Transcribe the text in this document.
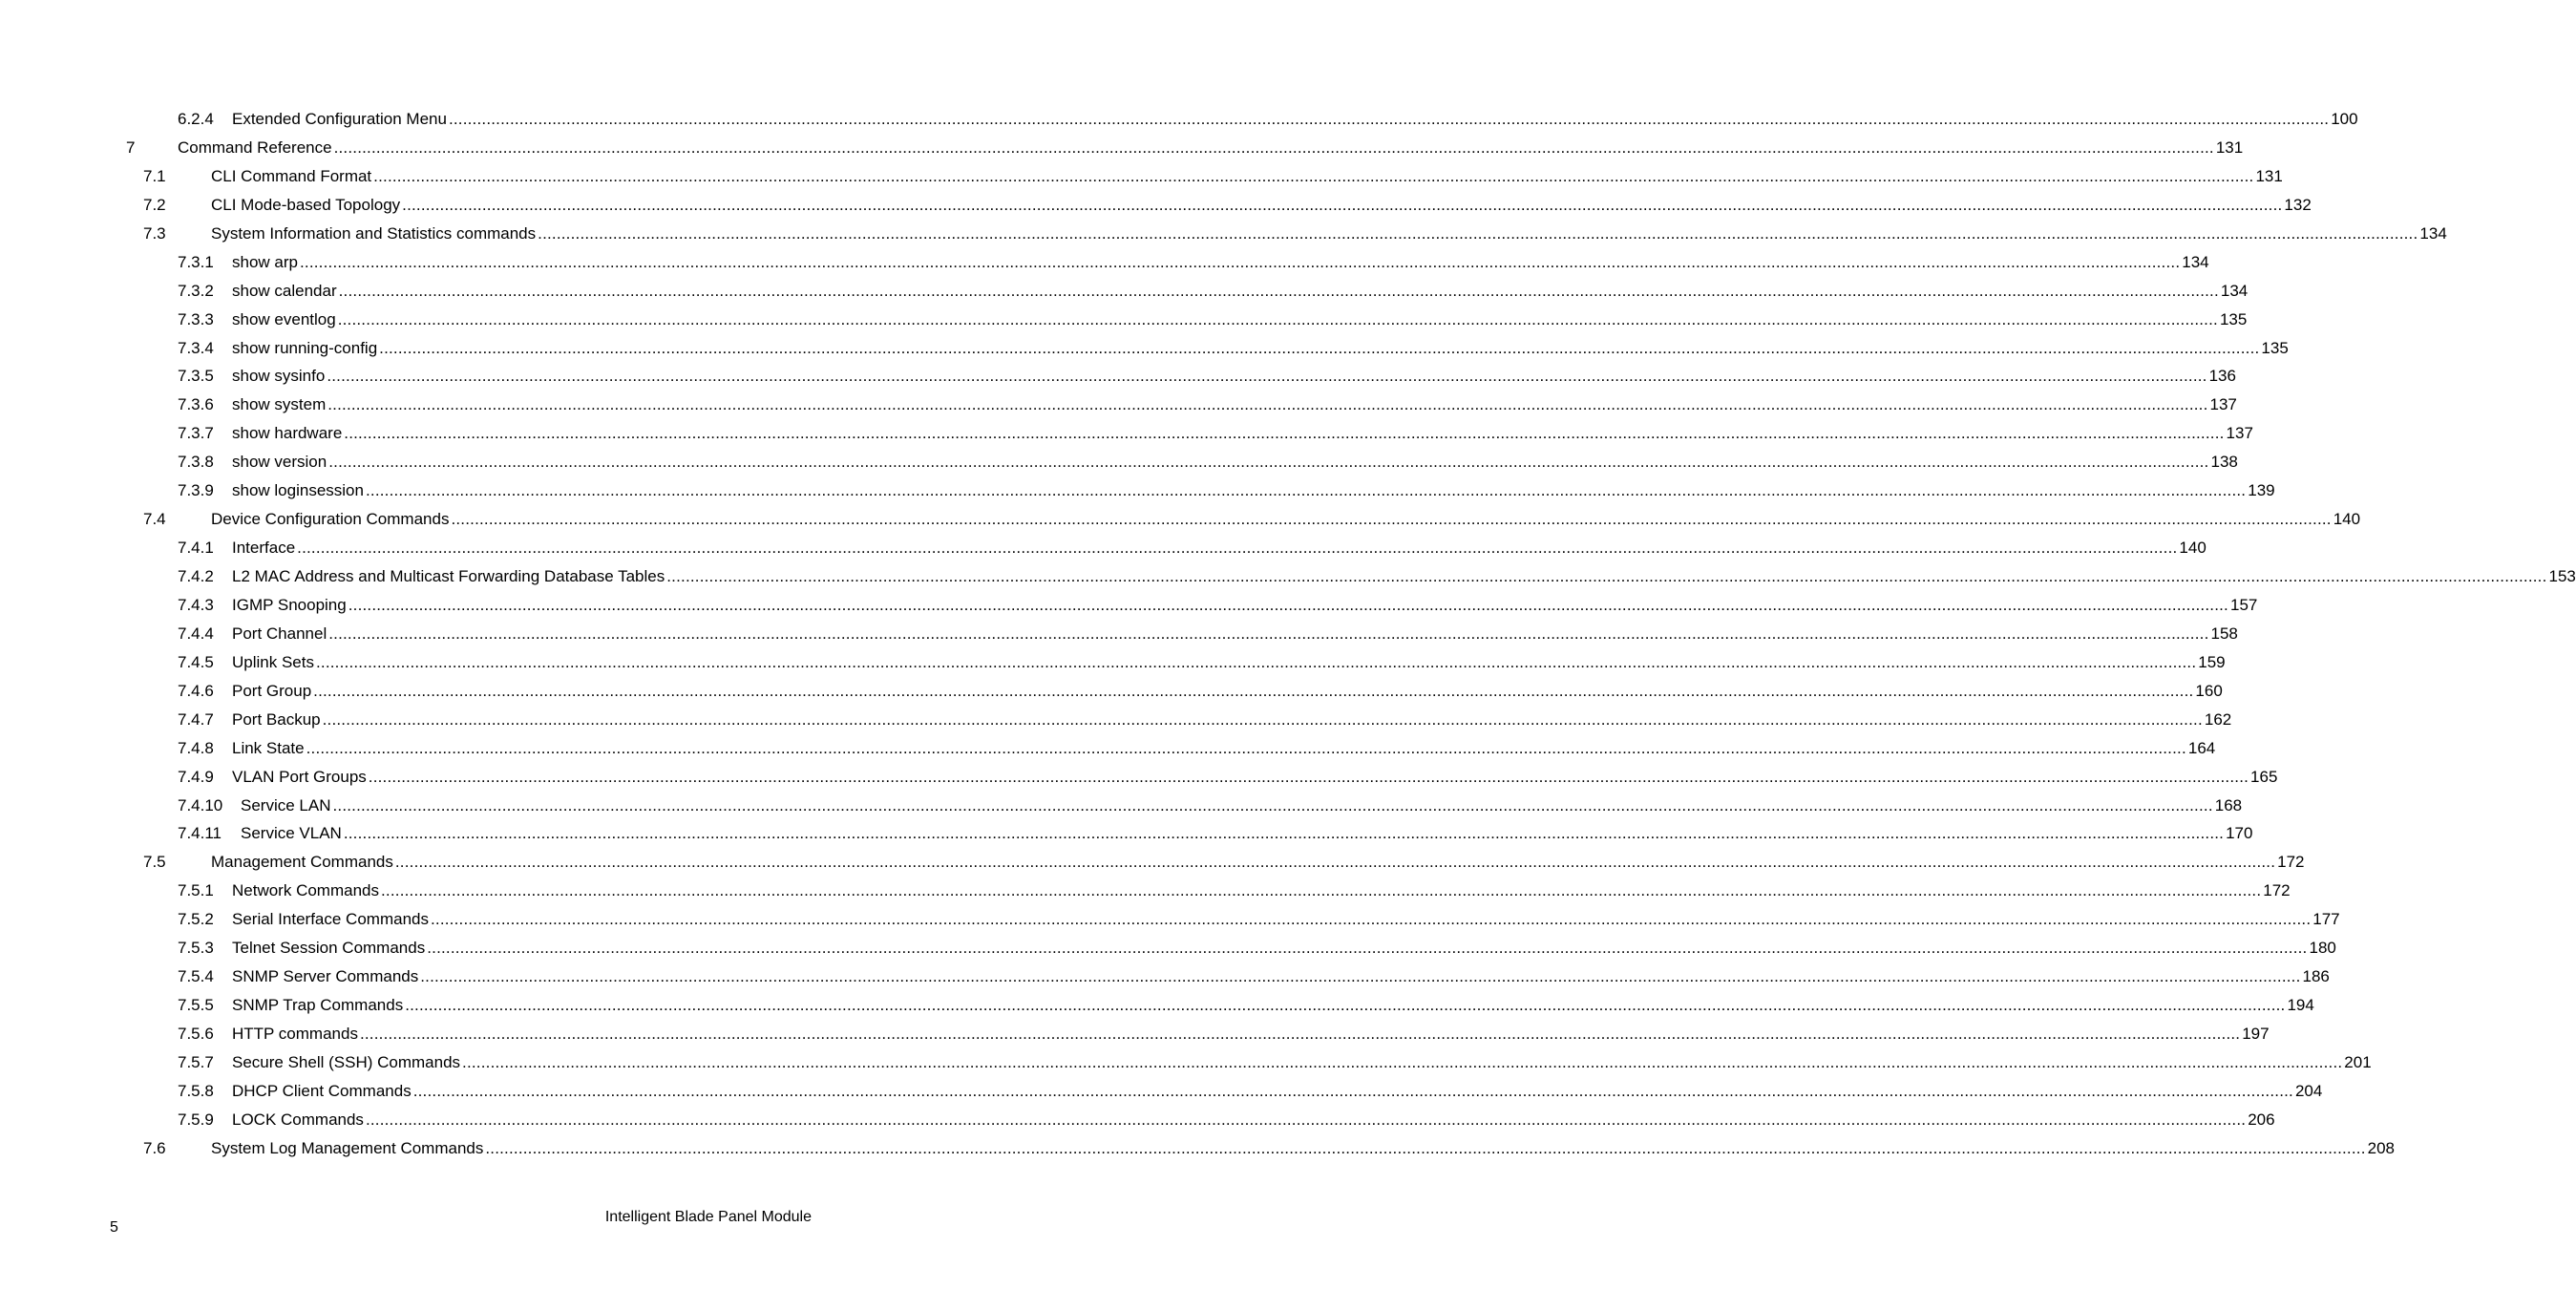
6.2.4 Extended Configuration Menu ................................................................................................................................................................................................................................................................................................................................................................................................................ 100
7	Command Reference ................................................................................................................................................................................................................................................................................................................................................................................................................ 131
7.1	CLI Command Format ................................................................................................................................................................................................................................................................................................................................................................................................................ 131
7.2	CLI Mode-based Topology ................................................................................................................................................................................................................................................................................................................................................................................................................ 132
7.3	System Information and Statistics commands ................................................................................................................................................................................................................................................................................................................................................................................................................ 134
7.3.1 show arp ................................................................................................................................................................................................................................................................................................................................................................................................................ 134
7.3.2 show calendar ................................................................................................................................................................................................................................................................................................................................................................................................................ 134
7.3.3 show eventlog ................................................................................................................................................................................................................................................................................................................................................................................................................ 135
7.3.4 show running-config ................................................................................................................................................................................................................................................................................................................................................................................................................ 135
7.3.5 show sysinfo ................................................................................................................................................................................................................................................................................................................................................................................................................ 136
7.3.6 show system ................................................................................................................................................................................................................................................................................................................................................................................................................ 137
7.3.7 show hardware ................................................................................................................................................................................................................................................................................................................................................................................................................ 137
7.3.8 show version ................................................................................................................................................................................................................................................................................................................................................................................................................ 138
7.3.9 show loginsession ................................................................................................................................................................................................................................................................................................................................................................................................................ 139
7.4	Device Configuration Commands ................................................................................................................................................................................................................................................................................................................................................................................................................ 140
7.4.1 Interface ................................................................................................................................................................................................................................................................................................................................................................................................................ 140
7.4.2 L2 MAC Address and Multicast Forwarding Database Tables ................................................................................................................................................................................................................................................................................................................................................................................................................ 153
7.4.3 IGMP Snooping ................................................................................................................................................................................................................................................................................................................................................................................................................ 157
7.4.4 Port Channel ................................................................................................................................................................................................................................................................................................................................................................................................................ 158
7.4.5 Uplink Sets ................................................................................................................................................................................................................................................................................................................................................................................................................ 159
7.4.6 Port Group ................................................................................................................................................................................................................................................................................................................................................................................................................ 160
7.4.7 Port Backup ................................................................................................................................................................................................................................................................................................................................................................................................................ 162
7.4.8 Link State ................................................................................................................................................................................................................................................................................................................................................................................................................ 164
7.4.9 VLAN Port Groups ................................................................................................................................................................................................................................................................................................................................................................................................................ 165
7.4.10 Service LAN ................................................................................................................................................................................................................................................................................................................................................................................................................ 168
7.4.11 Service VLAN ................................................................................................................................................................................................................................................................................................................................................................................................................ 170
7.5	Management Commands ................................................................................................................................................................................................................................................................................................................................................................................................................ 172
7.5.1 Network Commands ................................................................................................................................................................................................................................................................................................................................................................................................................ 172
7.5.2 Serial Interface Commands ................................................................................................................................................................................................................................................................................................................................................................................................................ 177
7.5.3 Telnet Session Commands ................................................................................................................................................................................................................................................................................................................................................................................................................ 180
7.5.4 SNMP Server Commands ................................................................................................................................................................................................................................................................................................................................................................................................................ 186
7.5.5 SNMP Trap Commands ................................................................................................................................................................................................................................................................................................................................................................................................................ 194
7.5.6 HTTP commands ................................................................................................................................................................................................................................................................................................................................................................................................................ 197
7.5.7 Secure Shell (SSH) Commands ................................................................................................................................................................................................................................................................................................................................................................................................................ 201
7.5.8 DHCP Client Commands ................................................................................................................................................................................................................................................................................................................................................................................................................ 204
7.5.9 LOCK Commands ................................................................................................................................................................................................................................................................................................................................................................................................................ 206
7.6	System Log Management Commands ................................................................................................................................................................................................................................................................................................................................................................................................................ 208
5
Intelligent Blade Panel Module
